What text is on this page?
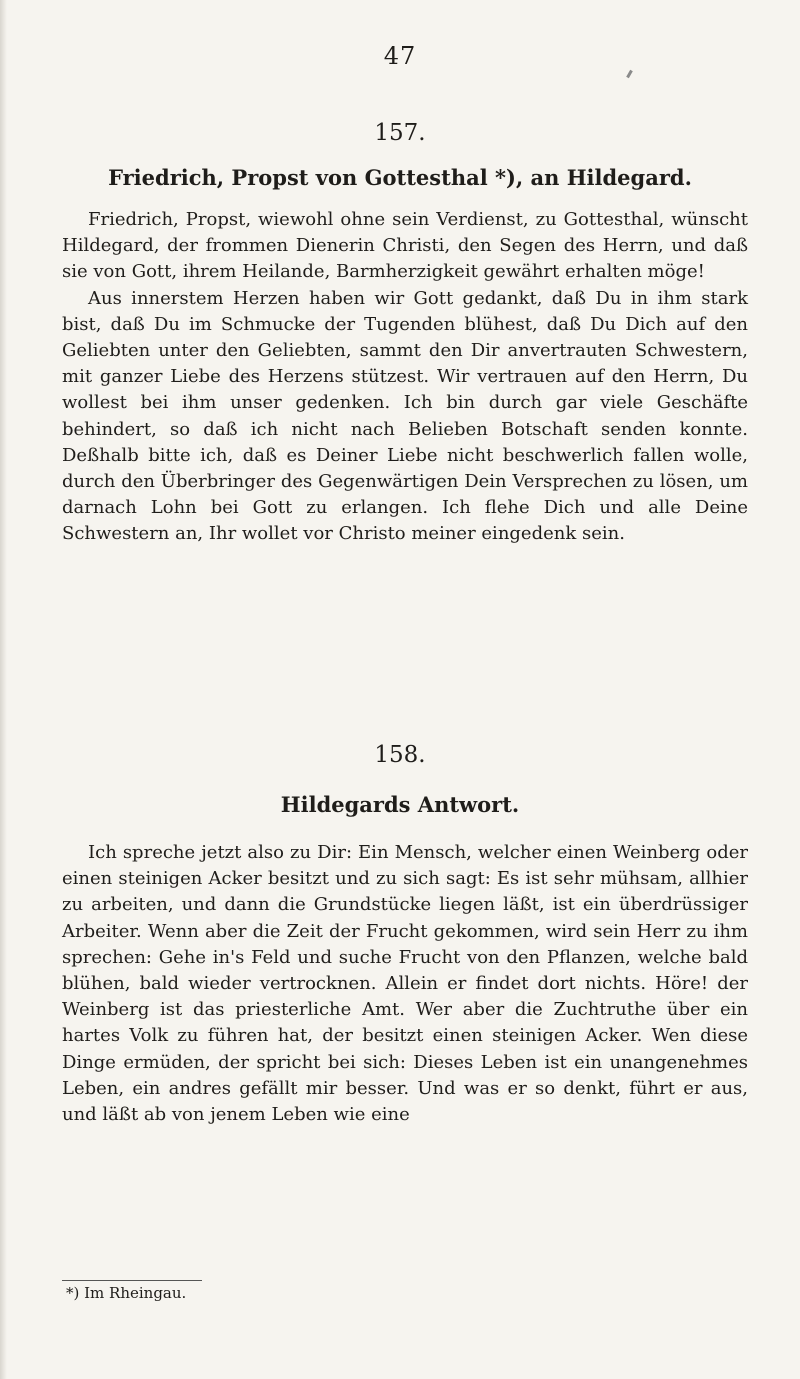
47
157.
Friedrich, Propst von Gottesthal *), an Hildegard.

Friedrich, Propst, wiewohl ohne sein Verdienst, zu Gottesthal, wünscht Hildegard, der frommen Dienerin Christi, den Segen des Herrn, und daß sie von Gott, ihrem Heilande, Barmherzigkeit gewährt erhalten möge!

Aus innerstem Herzen haben wir Gott gedankt, daß Du in ihm stark bist, daß Du im Schmucke der Tugenden blühest, daß Du Dich auf den Geliebten unter den Geliebten, sammt den Dir anvertrauten Schwestern, mit ganzer Liebe des Herzens stützest. Wir vertrauen auf den Herrn, Du wollest bei ihm unser gedenken. Ich bin durch gar viele Geschäfte behindert, so daß ich nicht nach Belieben Botschaft senden konnte. Deßhalb bitte ich, daß es Deiner Liebe nicht beschwerlich fallen wolle, durch den Überbringer des Gegenwärtigen Dein Versprechen zu lösen, um darnach Lohn bei Gott zu erlangen. Ich flehe Dich und alle Deine Schwestern an, Ihr wollet vor Christo meiner eingedenk sein.

158.
Hildegards Antwort.

Ich spreche jetzt also zu Dir: Ein Mensch, welcher einen Weinberg oder einen steinigen Acker besitzt und zu sich sagt: Es ist sehr mühsam, allhier zu arbeiten, und dann die Grundstücke liegen läßt, ist ein überdrüssiger Arbeiter. Wenn aber die Zeit der Frucht gekommen, wird sein Herr zu ihm sprechen: Gehe in's Feld und suche Frucht von den Pflanzen, welche bald blühen, bald wieder vertrocknen. Allein er findet dort nichts. Höre! der Weinberg ist das priesterliche Amt. Wer aber die Zuchtruthe über ein hartes Volk zu führen hat, der besitzt einen steinigen Acker. Wen diese Dinge ermüden, der spricht bei sich: Dieses Leben ist ein unangenehmes Leben, ein andres gefällt mir besser. Und was er so denkt, führt er aus, und läßt ab von jenem Leben wie eine

*) Im Rheingau.
